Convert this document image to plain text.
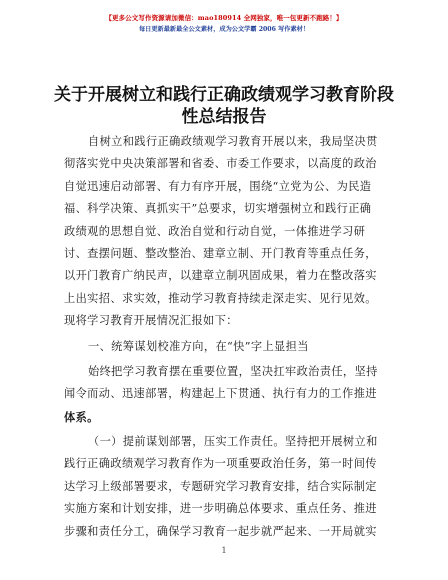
【更多公文写作资源请加微信：mao180914 全网独家，唯一包更新不跑路！】
每日更新最新最全公文素材，成为公文学霸 2006 写作素材！
关于开展树立和践行正确政绩观学习教育阶段
性总结报告
自树立和践行正确政绩观学习教育开展以来，我局坚决贯
彻落实党中央决策部署和省委、市委工作要求，以高度的政治
自觉迅速启动部署、有力有序开展，围绕“立党为公、为民造
福、科学决策、真抓实干”总要求，切实增强树立和践行正确
政绩观的思想自觉、政治自觉和行动自觉，一体推进学习研
讨、查摆问题、整改整治、建章立制、开门教育等重点任务，
以开门教育广纳民声，以建章立制巩固成果，着力在整改落实
上出实招、求实效，推动学习教育持续走深走实、见行见效。
现将学习教育开展情况汇报如下：
一、统筹谋划校准方向，在“快”字上显担当
始终把学习教育摆在重要位置，坚决扛牢政治责任，坚持
闻令而动、迅速部署，构建起上下贯通、执行有力的工作推进
体系。
（一）提前谋划部署，压实工作责任。坚持把开展树立和
践行正确政绩观学习教育作为一项重要政治任务，第一时间传
达学习上级部署要求，专题研究学习教育安排，结合实际制定
实施方案和计划安排，进一步明确总体要求、重点任务、推进
步骤和责任分工，确保学习教育一起步就严起来、一开局就实
1
